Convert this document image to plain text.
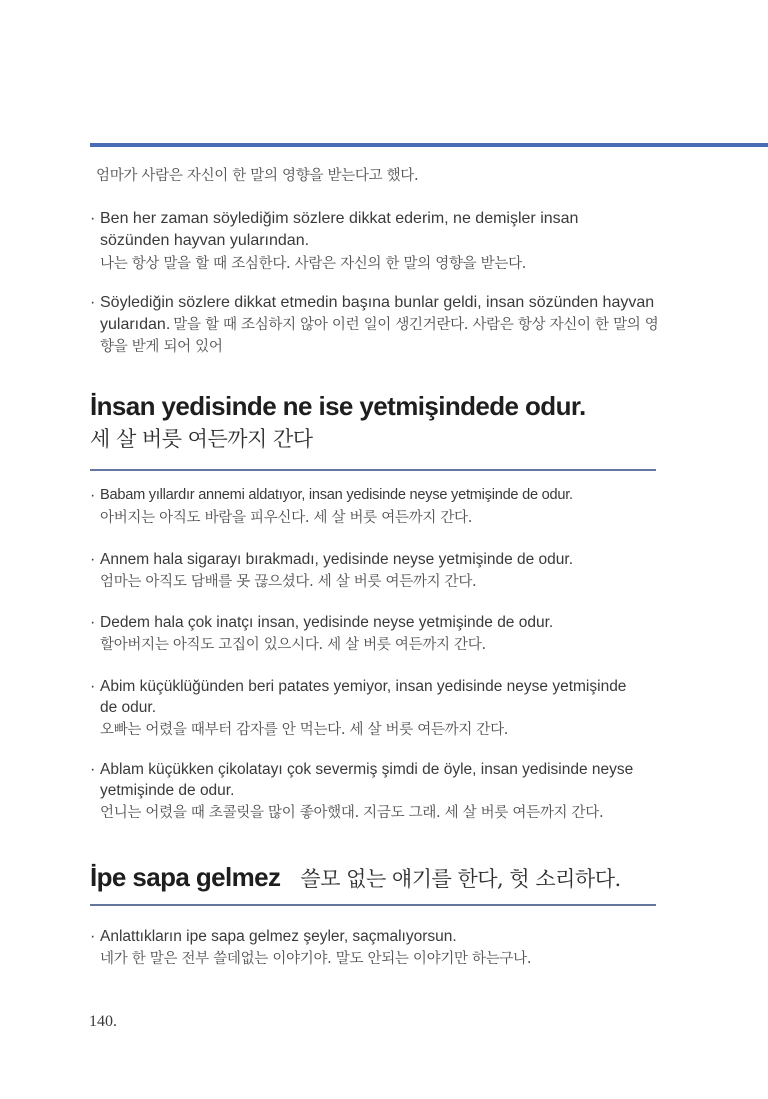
엄마가 사람은 자신이 한 말의 영향을 받는다고 했다.
· Ben her zaman söylediğim sözlere dikkat ederim, ne demişler insan sözünden hayvan yularından.

나는 항상 말을 할 때 조심한다. 사람은 자신의 한 말의 영향을 받는다.

· Söylediğin sözlere dikkat etmedin başına bunlar geldi, insan sözünden hayvan yularıdan. 말을 할 때 조심하지 않아 이런 일이 생긴거란다. 사람은 항상 자신이 한 말의 영향을 받게 되어 있어

İnsan yedisinde ne ise yetmişindede odur.
세 살 버릇 여든까지 간다
· Babam yıllardır annemi aldatıyor, insan yedisinde neyse yetmişinde de odur.

아버지는 아직도 바람을 피우신다. 세 살 버릇 여든까지 간다.

· Annem hala sigarayı bırakmadı, yedisinde neyse yetmişinde de odur.

엄마는 아직도 담배를 못 끊으셨다. 세 살 버릇 여든까지 간다.

· Dedem hala çok inatçı insan, yedisinde neyse yetmişinde de odur.

할아버지는 아직도 고집이 있으시다. 세 살 버릇 여든까지 간다.

· Abim küçüklüğünden beri patates yemiyor, insan yedisinde neyse yetmişinde de odur.

오빠는 어렸을 때부터 감자를 안 먹는다. 세 살 버릇 여든까지 간다.

· Ablam küçükken çikolatayı çok severmiş şimdi de öyle, insan yedisinde neyse yetmişinde de odur.

언니는 어렸을 때 초콜릿을 많이 좋아했대. 지금도 그래. 세 살 버릇 여든까지 간다.

İpe sapa gelmez 쓸모 없는 얘기를 한다, 헛 소리하다.
· Anlattıkların ipe sapa gelmez şeyler, saçmalıyorsun.

네가 한 말은 전부 쓸데없는 이야기야. 말도 안되는 이야기만 하는구나.

140.
